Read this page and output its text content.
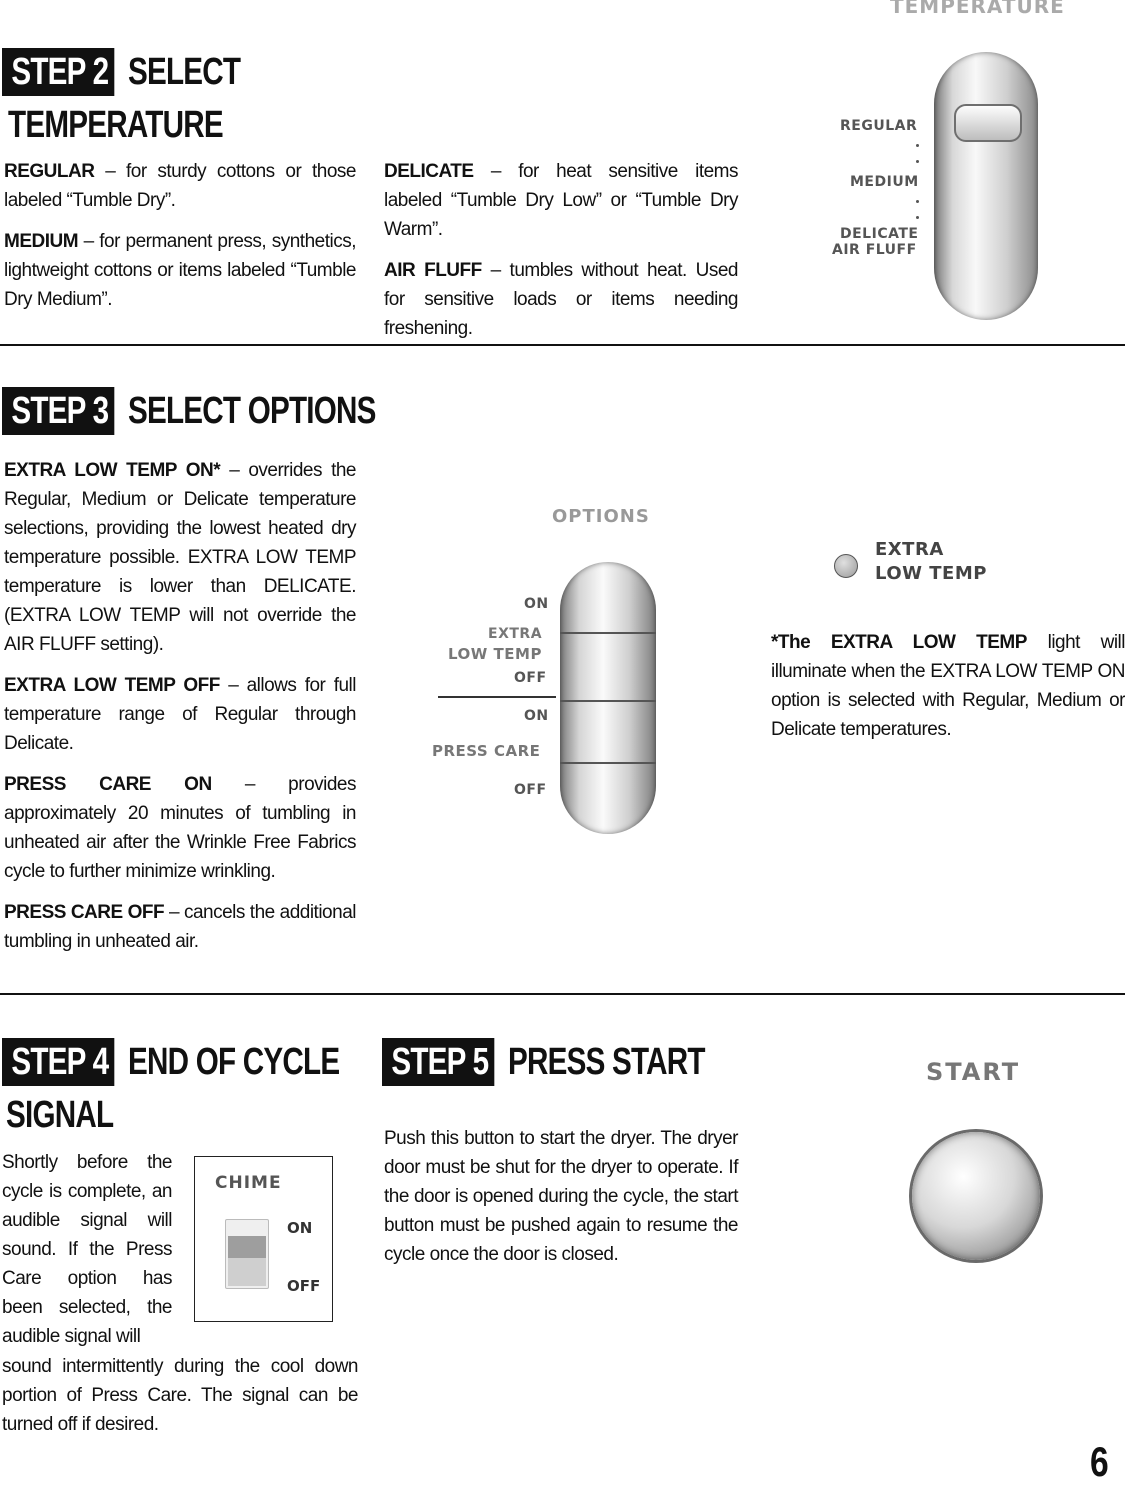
TEMPERATURE
STEP 2 SELECT
TEMPERATURE

REGULAR – for sturdy cottons or those labeled “Tumble Dry”.

MEDIUM – for permanent press, synthetics, lightweight cottons or items labeled “Tumble Dry Medium”.

DELICATE – for heat sensitive items labeled “Tumble Dry Low” or “Tumble Dry Warm”.

AIR FLUFF – tumbles without heat. Used for sensitive loads or items needing freshening.

REGULAR
MEDIUM
DELICATE
AIR FLUFF
STEP 3 SELECT OPTIONS

EXTRA LOW TEMP ON* – overrides the Regular, Medium or Delicate temperature selections, providing the lowest heated dry temperature possible. EXTRA LOW TEMP temperature is lower than DELICATE. (EXTRA LOW TEMP will not override the AIR FLUFF setting).

EXTRA LOW TEMP OFF – allows for full temperature range of Regular through Delicate.

PRESS CARE ON – provides approximately 20 minutes of tumbling in unheated air after the Wrinkle Free Fabrics cycle to further minimize wrinkling.

PRESS CARE OFF – cancels the additional tumbling in unheated air.

OPTIONS
ON
EXTRA
LOW TEMP
OFF
ON
PRESS CARE
OFF
EXTRA
LOW TEMP

*The EXTRA LOW TEMP light will illuminate when the EXTRA LOW TEMP ON option is selected with Regular, Medium or Delicate temperatures.

STEP 4 END OF CYCLE
SIGNAL
Shortly before the cycle is complete, an audible signal will sound. If the Press Care option has been selected, the audible signal will
sound intermittently during the cool down portion of Press Care. The signal can be turned off if desired.
CHIME
ON
OFF
STEP 5 PRESS START
Push this button to start the dryer. The dryer door must be shut for the dryer to operate. If the door is opened during the cycle, the start button must be pushed again to resume the cycle once the door is closed.
START
6
